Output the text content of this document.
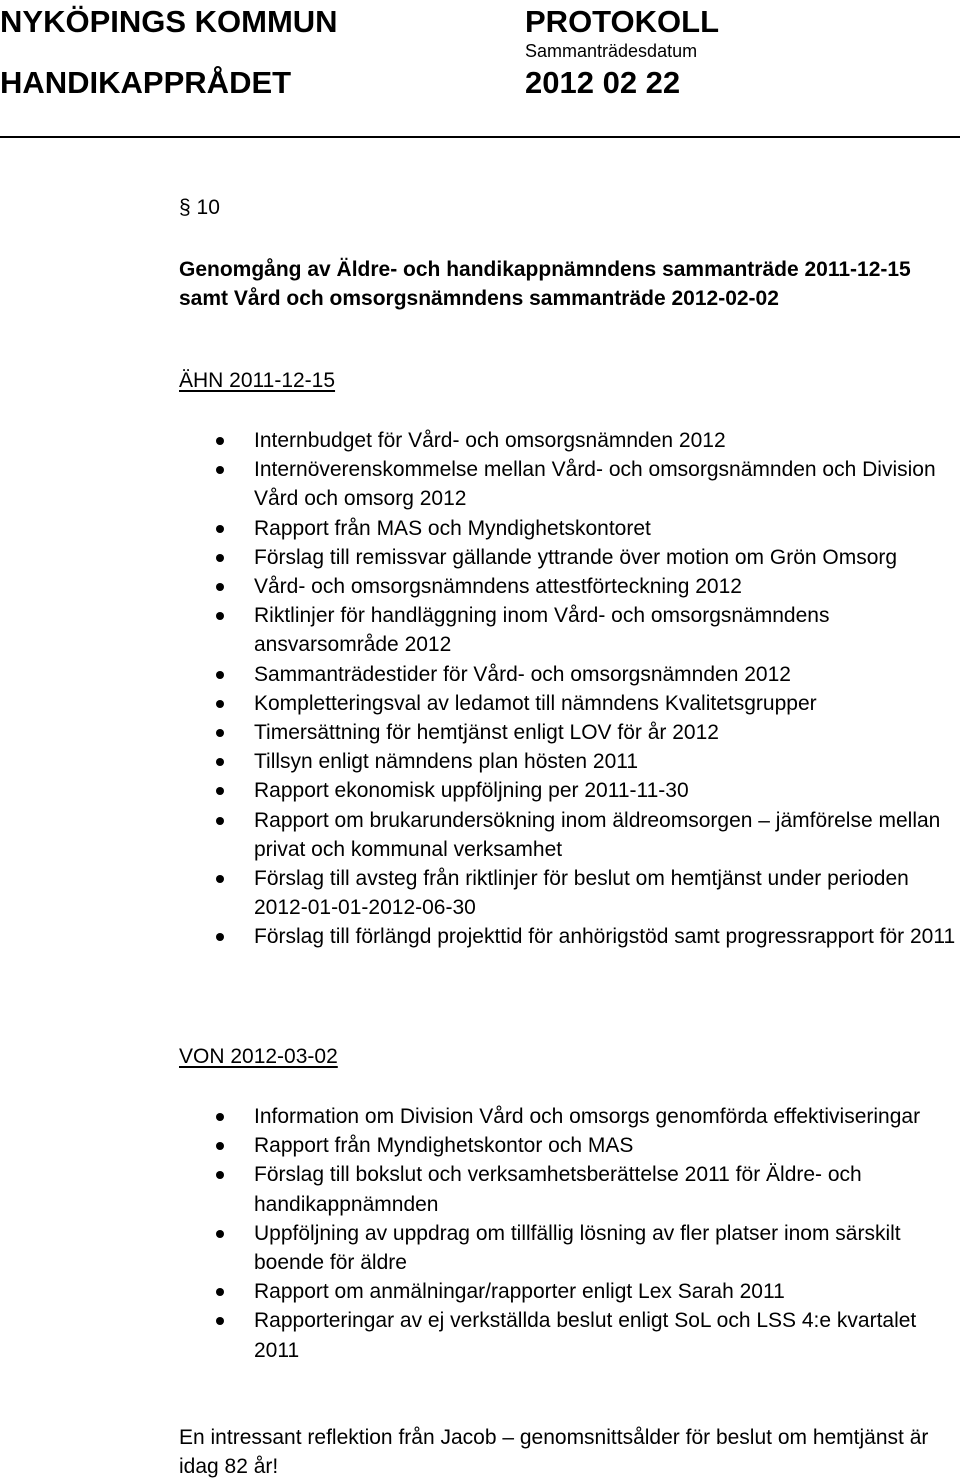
NYKÖPINGS KOMMUN	PROTOKOLL
Sammanträdesdatum
HANDIKAPPRÅDET	2012 02 22
§ 10
Genomgång av Äldre- och handikappnämndens sammanträde 2011-12-15 samt Vård och omsorgsnämndens sammanträde 2012-02-02
ÄHN 2011-12-15
Internbudget för Vård- och omsorgsnämnden 2012
Internöverenskommelse mellan Vård- och omsorgsnämnden och Division Vård och omsorg 2012
Rapport från MAS och Myndighetskontoret
Förslag till remissvar gällande yttrande över motion om Grön Omsorg
Vård- och omsorgsnämndens attestförteckning 2012
Riktlinjer för handläggning inom Vård- och omsorgsnämndens ansvarsområde 2012
Sammanträdestider för Vård- och omsorgsnämnden 2012
Kompletteringsval av ledamot till nämndens Kvalitetsgrupper
Timersättning för hemtjänst enligt LOV för år 2012
Tillsyn enligt nämndens plan hösten 2011
Rapport ekonomisk uppföljning per 2011-11-30
Rapport om brukarundersökning inom äldreomsorgen – jämförelse mellan privat och kommunal verksamhet
Förslag till avsteg från riktlinjer för beslut om hemtjänst under perioden 2012-01-01-2012-06-30
Förslag till förlängd projekttid för anhörigstöd samt progressrapport för 2011
VON 2012-03-02
Information om Division Vård och omsorgs genomförda effektiviseringar
Rapport från Myndighetskontor och MAS
Förslag till bokslut och verksamhetsberättelse 2011 för Äldre- och handikappnämnden
Uppföljning av uppdrag om tillfällig lösning av fler platser inom särskilt boende för äldre
Rapport om anmälningar/rapporter enligt Lex Sarah 2011
Rapporteringar av ej verkställda beslut enligt SoL och LSS 4:e kvartalet 2011
En intressant reflektion från Jacob – genomsnittsålder för beslut om hemtjänst är idag 82 år!
